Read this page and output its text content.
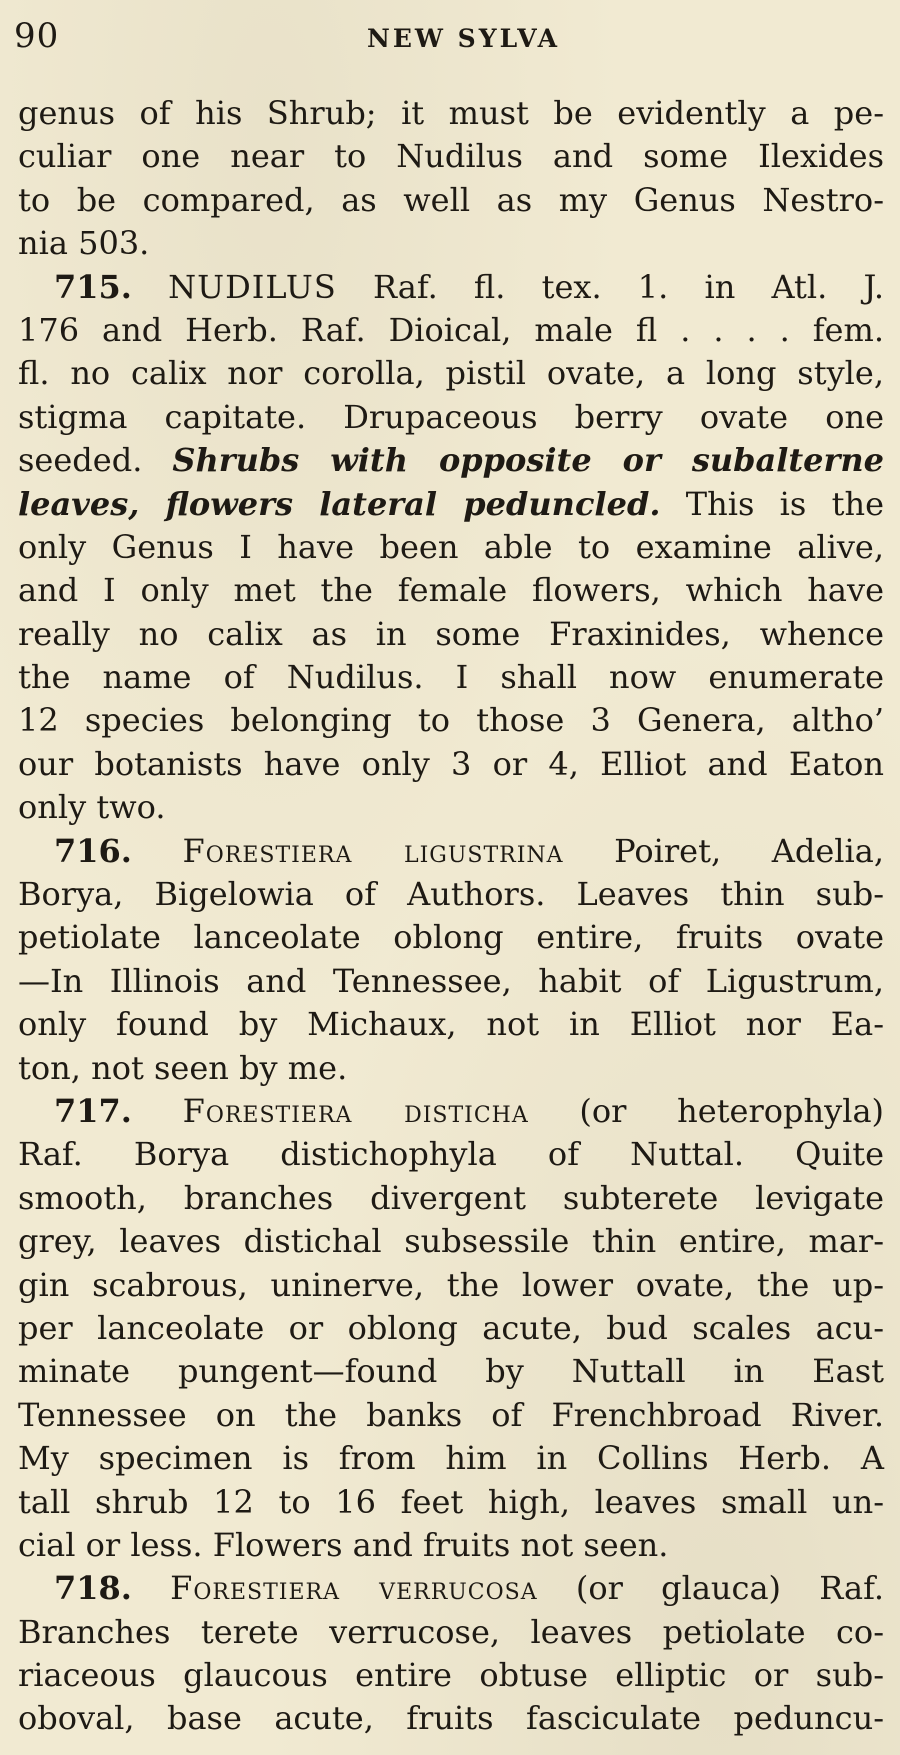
90	NEW SYLVA
genus of his Shrub; it must be evidently a pe-
culiar one near to Nudilus and some Ilexides
to be compared, as well as my Genus Nestro-
nia 503.
715. NUDILUS Raf. fl. tex. 1. in Atl. J.
176 and Herb. Raf. Dioical, male fl . . . . fem.
fl. no calix nor corolla, pistil ovate, a long style,
stigma capitate. Drupaceous berry ovate one
seeded. Shrubs with opposite or subalterne
leaves, flowers lateral peduncled. This is the
only Genus I have been able to examine alive,
and I only met the female flowers, which have
really no calix as in some Fraxinides, whence
the name of Nudilus. I shall now enumerate
12 species belonging to those 3 Genera, altho’
our botanists have only 3 or 4, Elliot and Eaton
only two.
716. Forestiera ligustrina Poiret, Adelia,
Borya, Bigelowia of Authors. Leaves thin sub-
petiolate lanceolate oblong entire, fruits ovate
—In Illinois and Tennessee, habit of Ligustrum,
only found by Michaux, not in Elliot nor Ea-
ton, not seen by me.
717. Forestiera disticha (or heterophyla)
Raf. Borya distichophyla of Nuttal. Quite
smooth, branches divergent subterete levigate
grey, leaves distichal subsessile thin entire, mar-
gin scabrous, uninerve, the lower ovate, the up-
per lanceolate or oblong acute, bud scales acu-
minate pungent—found by Nuttall in East
Tennessee on the banks of Frenchbroad River.
My specimen is from him in Collins Herb. A
tall shrub 12 to 16 feet high, leaves small un-
cial or less. Flowers and fruits not seen.
718. Forestiera verrucosa (or glauca) Raf.
Branches terete verrucose, leaves petiolate co-
riaceous glaucous entire obtuse elliptic or sub-
oboval, base acute, fruits fasciculate peduncu-
